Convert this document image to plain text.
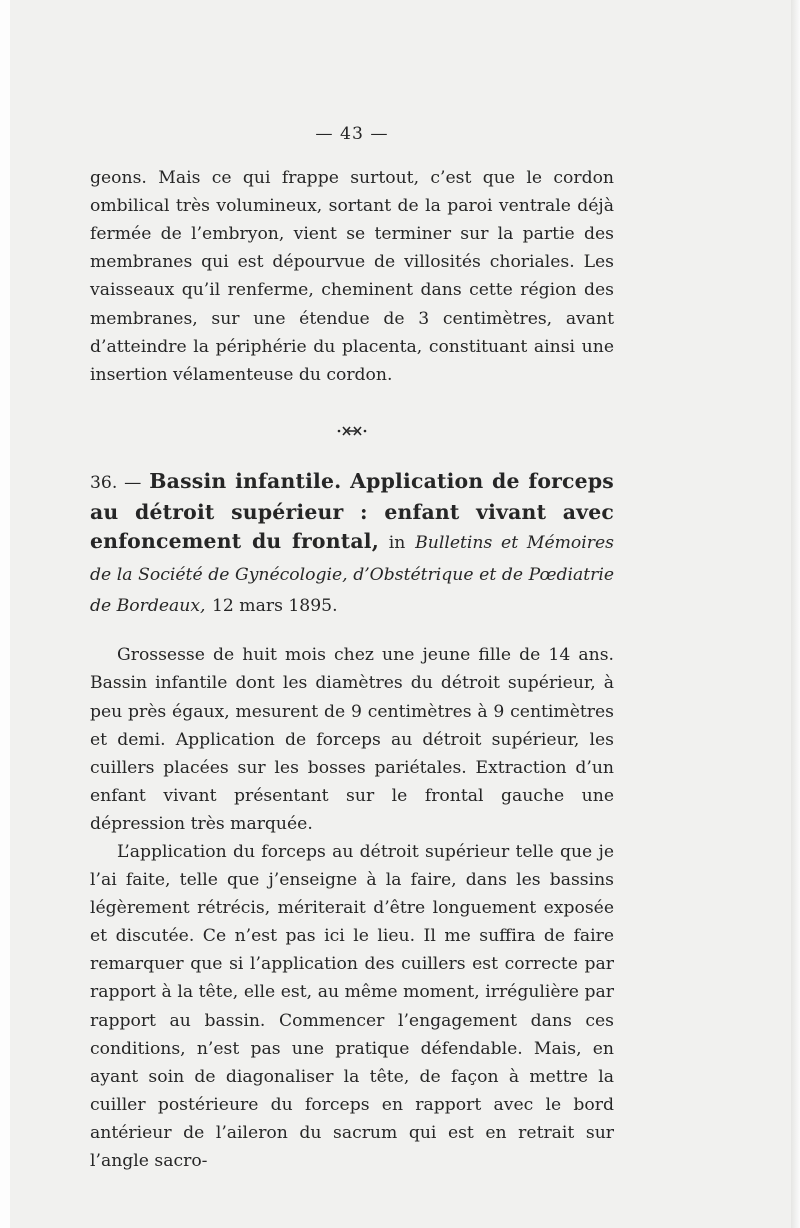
— 43 —

geons. Mais ce qui frappe surtout, c’est que le cordon ombilical très volumineux, sortant de la paroi ventrale déjà fermée de l’embryon, vient se terminer sur la partie des membranes qui est dépourvue de villosités choriales. Les vaisseaux qu’il renferme, cheminent dans cette région des membranes, sur une étendue de 3 centimètres, avant d’atteindre la périphérie du placenta, constituant ainsi une insertion vélamenteuse du cordon.

36. — Bassin infantile. Application de forceps au détroit supérieur : enfant vivant avec enfoncement du frontal, in Bulletins et Mémoires de la Société de Gynécologie, d’Obstétrique et de Pœdiatrie de Bordeaux, 12 mars 1895.

Grossesse de huit mois chez une jeune fille de 14 ans. Bassin infantile dont les diamètres du détroit supérieur, à peu près égaux, mesurent de 9 centimètres à 9 centimètres et demi. Application de forceps au détroit supérieur, les cuillers placées sur les bosses pariétales. Extraction d’un enfant vivant présentant sur le frontal gauche une dépression très marquée.

L’application du forceps au détroit supérieur telle que je l’ai faite, telle que j’enseigne à la faire, dans les bassins légèrement rétrécis, mériterait d’être longuement exposée et discutée. Ce n’est pas ici le lieu. Il me suffira de faire remarquer que si l’application des cuillers est correcte par rapport à la tête, elle est, au même moment, irrégulière par rapport au bassin. Commencer l’engagement dans ces conditions, n’est pas une pratique défendable. Mais, en ayant soin de diagonaliser la tête, de façon à mettre la cuiller postérieure du forceps en rapport avec le bord antérieur de l’aileron du sacrum qui est en retrait sur l’angle sacro-
